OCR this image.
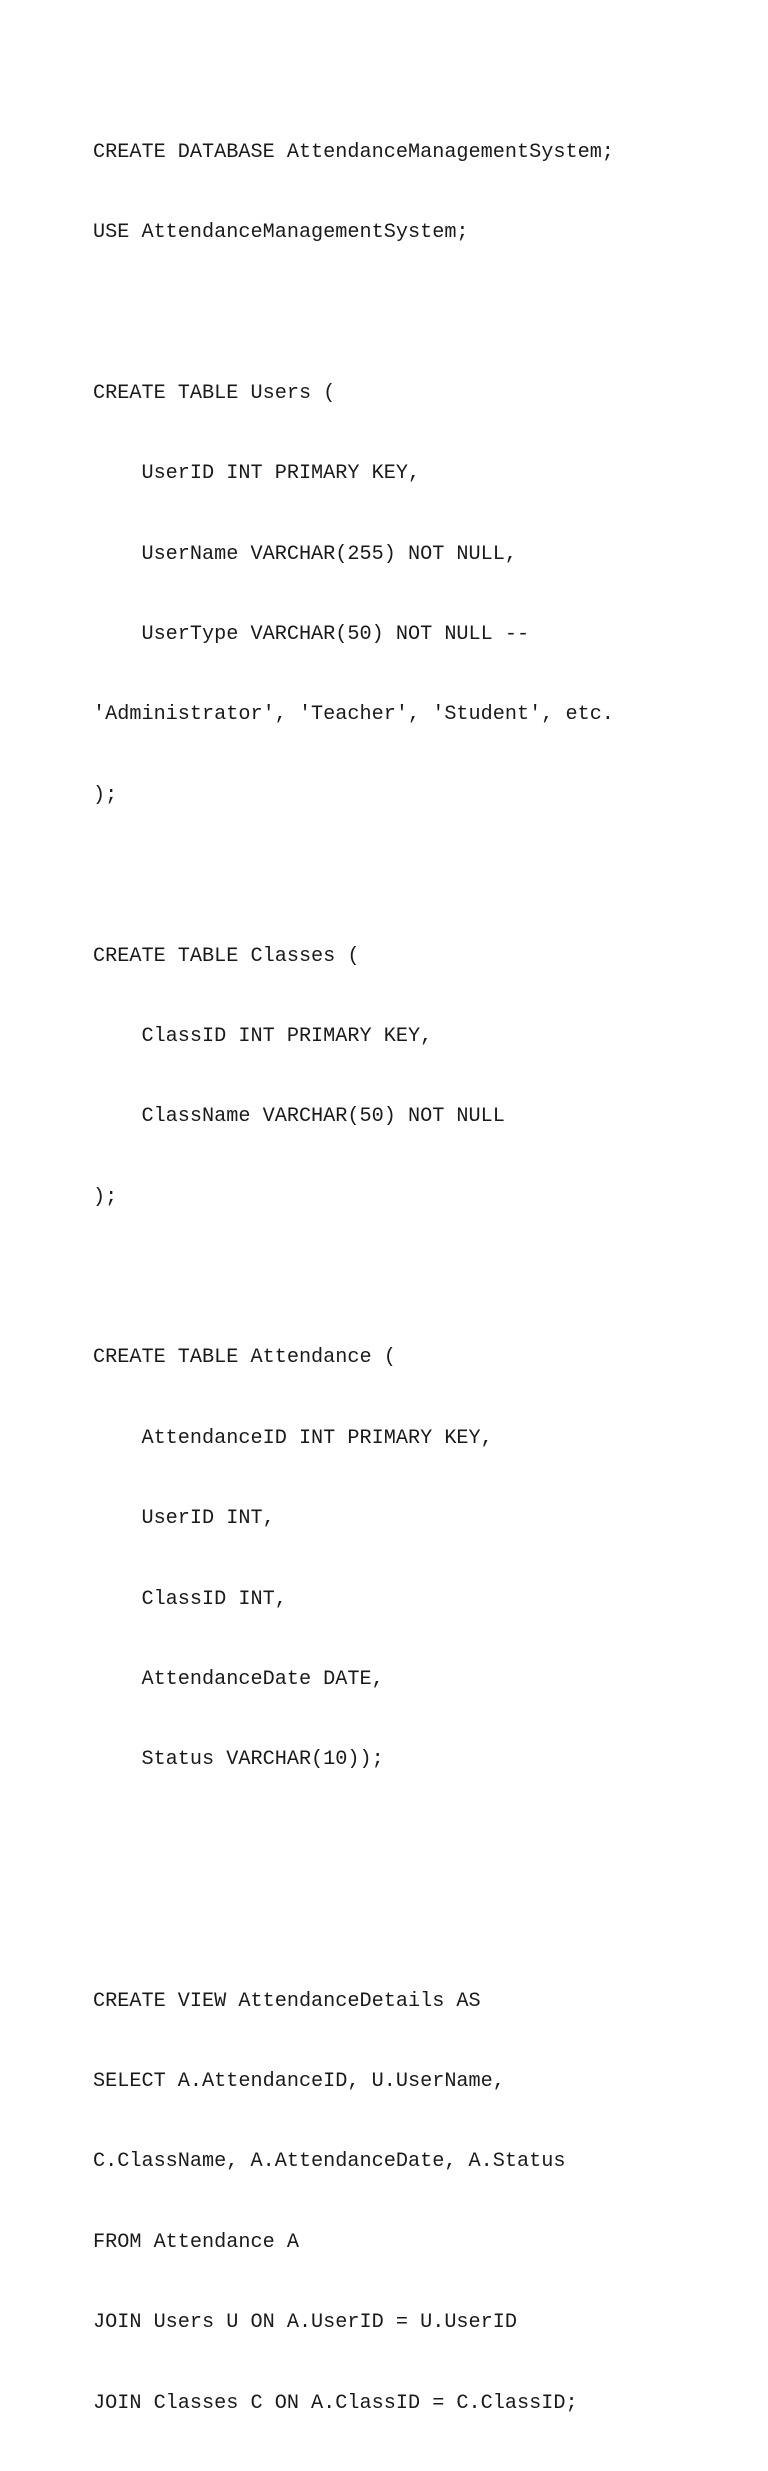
CREATE DATABASE AttendanceManagementSystem;

USE AttendanceManagementSystem;

CREATE TABLE Users (

UserID INT PRIMARY KEY,

UserName VARCHAR(255) NOT NULL,

UserType VARCHAR(50) NOT NULL --

'Administrator', 'Teacher', 'Student', etc.

);

CREATE TABLE Classes (

ClassID INT PRIMARY KEY,

ClassName VARCHAR(50) NOT NULL

);

CREATE TABLE Attendance (

AttendanceID INT PRIMARY KEY,

UserID INT,

ClassID INT,

AttendanceDate DATE,

Status VARCHAR(10));

CREATE VIEW AttendanceDetails AS

SELECT A.AttendanceID, U.UserName,

C.ClassName, A.AttendanceDate, A.Status

FROM Attendance A

JOIN Users U ON A.UserID = U.UserID

JOIN Classes C ON A.ClassID = C.ClassID;
